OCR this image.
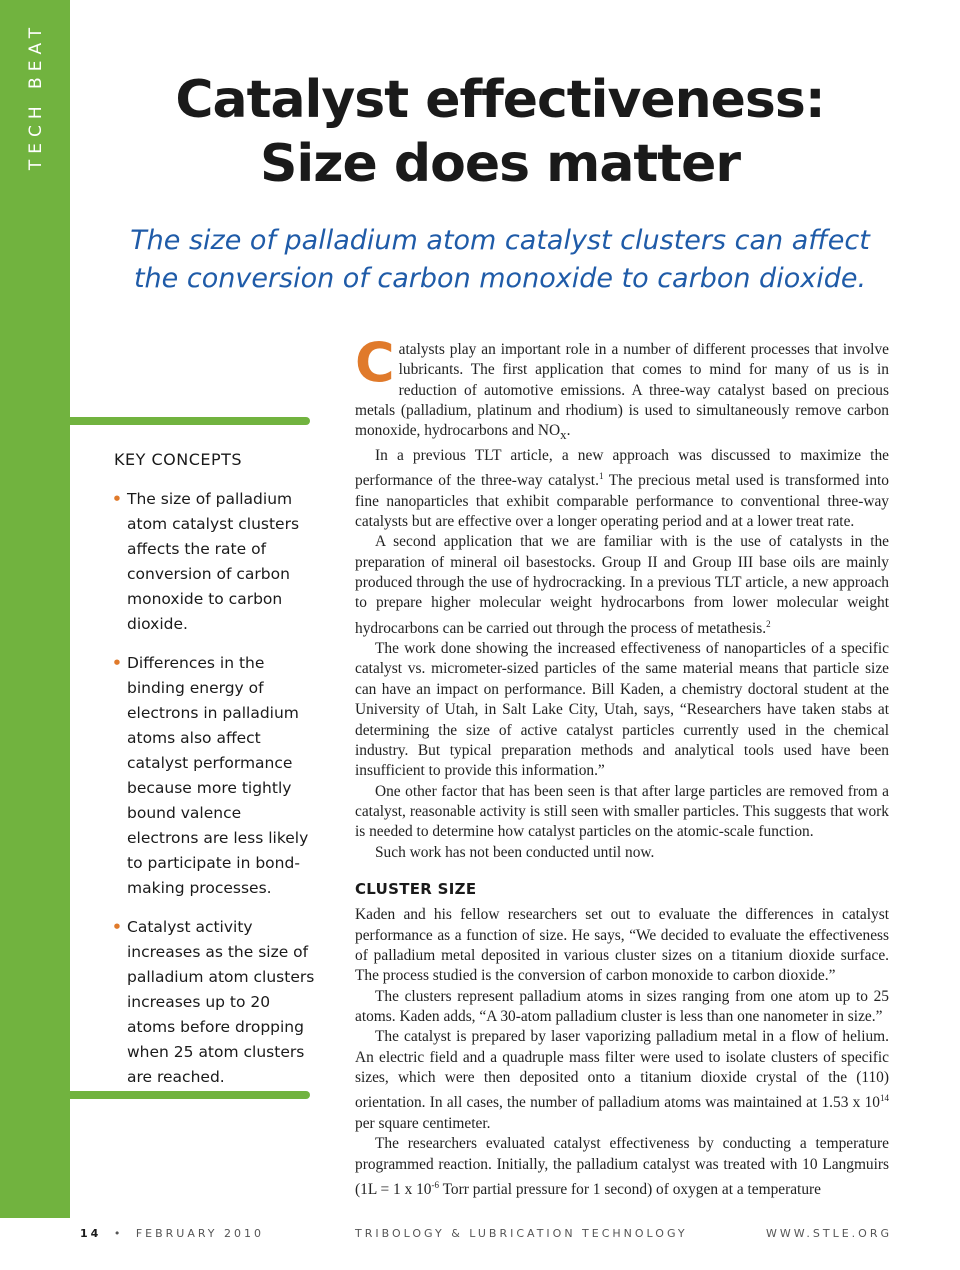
TECH BEAT	Catalyst effectiveness:
Size does matter

The size of palladium atom catalyst clusters can affect
the conversion of carbon monoxide to carbon dioxide.

KEY CONCEPTS
• The size of palladium atom catalyst clusters affects the rate of conversion of carbon monoxide to carbon dioxide.
• Differences in the binding energy of electrons in palladium atoms also affect catalyst performance because more tightly bound valence electrons are less likely to participate in bond-making processes.
• Catalyst activity increases as the size of palladium atom clusters increases up to 20 atoms before dropping when 25 atom clusters are reached.

Catalysts play an important role in a number of different processes that involve lubricants. The first application that comes to mind for many of us is in reduction of automotive emissions. A three-way catalyst based on precious metals (palladium, platinum and rhodium) is used to simultaneously remove carbon monoxide, hydrocarbons and $NO_x$.

In a previous TLT article, a new approach was discussed to maximize the performance of the three-way catalyst.$^1$ The precious metal used is transformed into fine nanoparticles that exhibit comparable performance to conventional three-way catalysts but are effective over a longer operating period and at a lower treat rate.

A second application that we are familiar with is the use of catalysts in the preparation of mineral oil basestocks. Group II and Group III base oils are mainly produced through the use of hydrocracking. In a previous TLT article, a new approach to prepare higher molecular weight hydrocarbons from lower molecular weight hydrocarbons can be carried out through the process of metathesis.$^2$

The work done showing the increased effectiveness of nanoparticles of a specific catalyst vs. micrometer-sized particles of the same material means that particle size can have an impact on performance. Bill Kaden, a chemistry doctoral student at the University of Utah, in Salt Lake City, Utah, says, “Researchers have taken stabs at determining the size of active catalyst particles currently used in the chemical industry. But typical preparation methods and analytical tools used have been insufficient to provide this information.”

One other factor that has been seen is that after large particles are removed from a catalyst, reasonable activity is still seen with smaller particles. This suggests that work is needed to determine how catalyst particles on the atomic-scale function.

Such work has not been conducted until now.

CLUSTER SIZE

Kaden and his fellow researchers set out to evaluate the differences in catalyst performance as a function of size. He says, “We decided to evaluate the effectiveness of palladium metal deposited in various cluster sizes on a titanium dioxide surface. The process studied is the conversion of carbon monoxide to carbon dioxide.”

The clusters represent palladium atoms in sizes ranging from one atom up to 25 atoms. Kaden adds, “A 30-atom palladium cluster is less than one nanometer in size.”

The catalyst is prepared by laser vaporizing palladium metal in a flow of helium. An electric field and a quadruple mass filter were used to isolate clusters of specific sizes, which were then deposited onto a titanium dioxide crystal of the (110) orientation. In all cases, the number of palladium atoms was maintained at 1.53 x $10^{14}$ per square centimeter.

The researchers evaluated catalyst effectiveness by conducting a temperature programmed reaction. Initially, the palladium catalyst was treated with 10 Langmuirs (1L = 1 x $10^{-6}$ Torr partial pressure for 1 second) of oxygen at a temperature

14 • FEBRUARY 2010	TRIBOLOGY & LUBRICATION TECHNOLOGY	WWW.STLE.ORG
